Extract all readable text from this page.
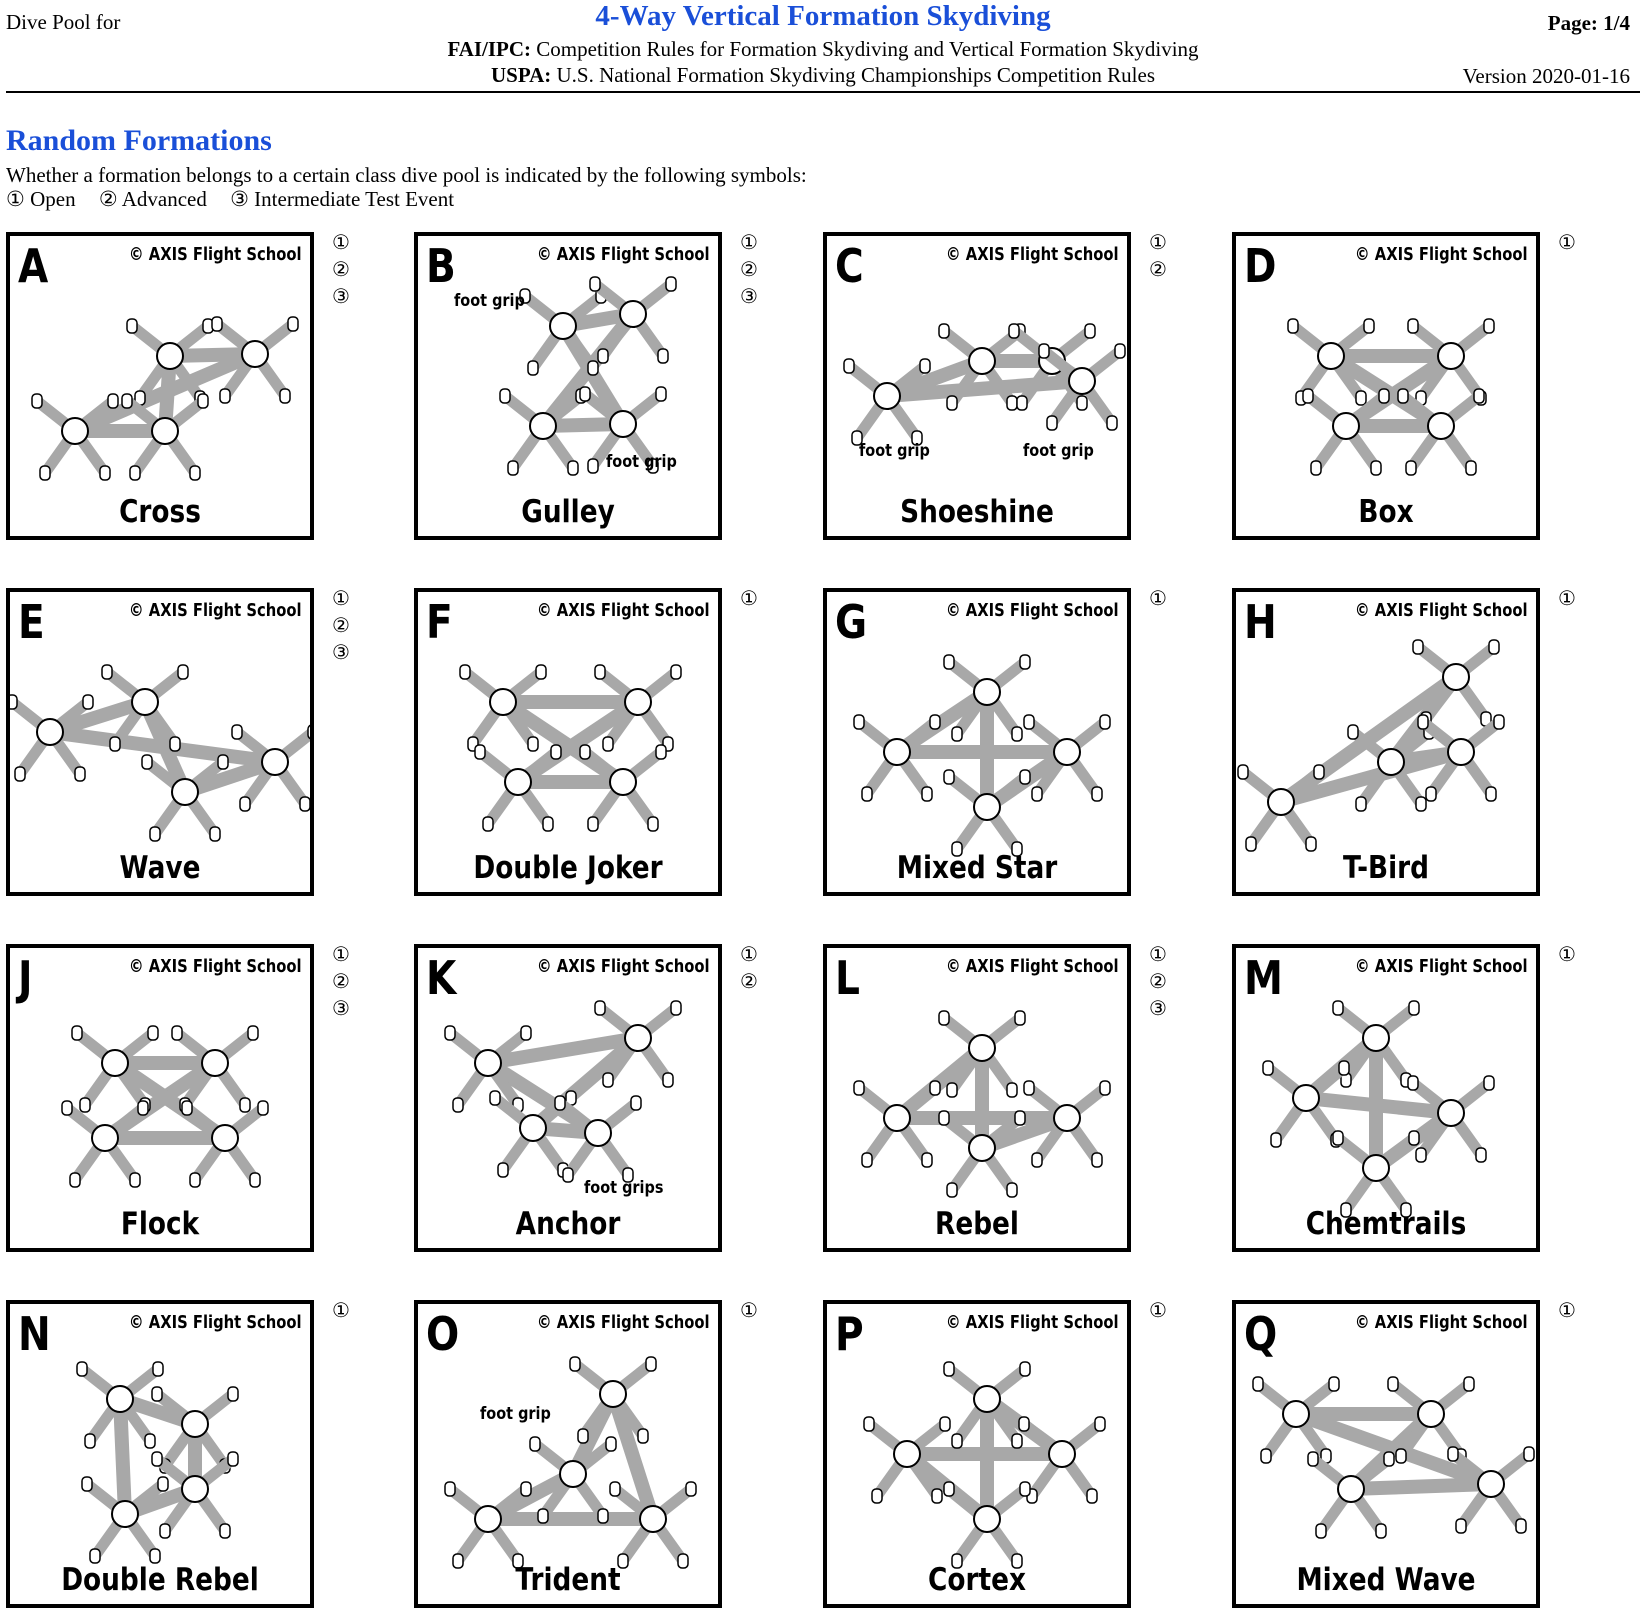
Dive Pool for	4-Way Vertical Formation Skydiving
FAI/IPC: Competition Rules for Formation Skydiving and Vertical Formation Skydiving
USPA: U.S. National Formation Skydiving Championships Competition Rules
Page: 1/4
Version 2020-01-16
Random Formations
Whether a formation belongs to a certain class dive pool is indicated by the following symbols:
① Open ② Advanced ③ Intermediate Test Event
A	© AXIS Flight School
Cross
①
②
③
B	© AXIS Flight School
foot grip
foot grip
Gulley
①
②
③
C	© AXIS Flight School
foot grip	foot grip
Shoeshine
①
② D	© AXIS Flight School
Box
①
E	© AXIS Flight School
Wave
①
②
③
F	© AXIS Flight School
Double Joker
① G	© AXIS Flight School
Mixed Star
① H	© AXIS Flight School
T-Bird
①
J	© AXIS Flight School
Flock
①
②
③
K	© AXIS Flight School
foot grips
Anchor
①
② L	© AXIS Flight School
Rebel
①
②
③
M	© AXIS Flight School
Chemtrails
①
N	© AXIS Flight School
Double Rebel
① O	© AXIS Flight School
foot grip
Trident
① P	© AXIS Flight School
Cortex
① Q	© AXIS Flight School
Mixed Wave
①
